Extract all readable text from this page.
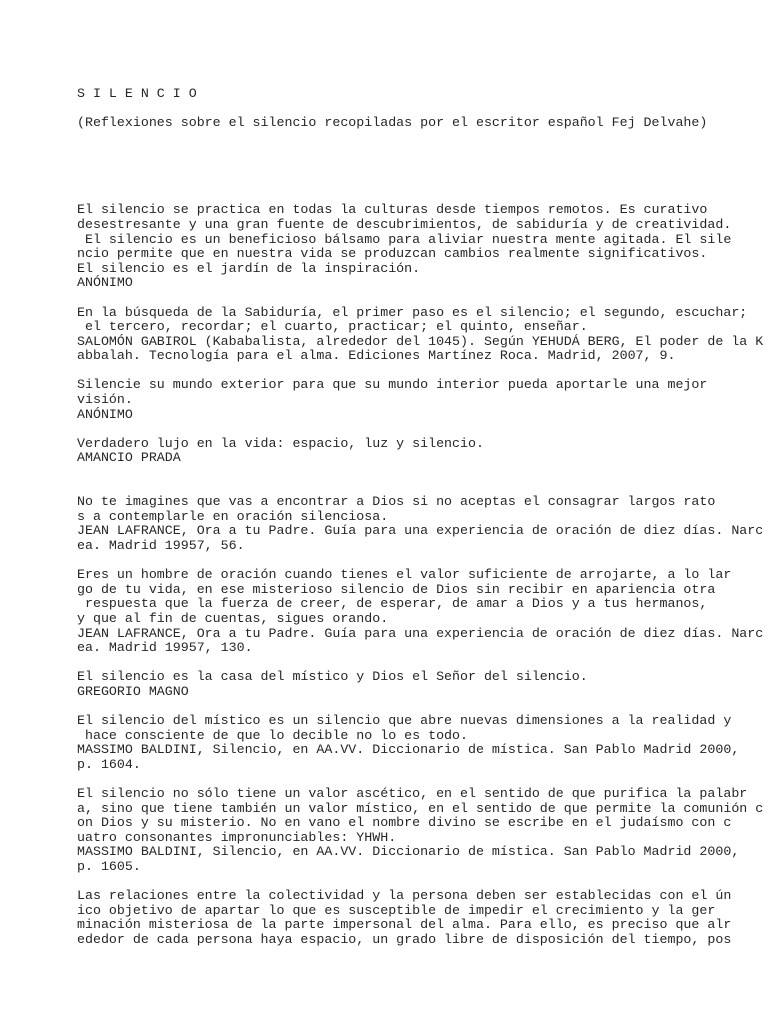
S I L E N C I O
(Reflexiones sobre el silencio recopiladas por el escritor español Fej Delvahe)
El silencio se practica en todas la culturas desde tiempos remotos. Es curativo
desestresante y una gran fuente de descubrimientos, de sabiduría y de creatividad.
El silencio es un beneficioso bálsamo para aliviar nuestra mente agitada. El sile
ncio permite que en nuestra vida se produzcan cambios realmente significativos.
El silencio es el jardín de la inspiración.
ANÓNIMO
En la búsqueda de la Sabiduría, el primer paso es el silencio; el segundo, escuchar;
el tercero, recordar; el cuarto, practicar; el quinto, enseñar.
SALOMÓN GABIROL (Kababalista, alrededor del 1045). Según YEHUDÁ BERG, El poder de la K
abbalah. Tecnología para el alma. Ediciones Martínez Roca. Madrid, 2007, 9.
Silencie su mundo exterior para que su mundo interior pueda aportarle una mejor
visión.
ANÓNIMO
Verdadero lujo en la vida: espacio, luz y silencio.
AMANCIO PRADA
No te imagines que vas a encontrar a Dios si no aceptas el consagrar largos rato
s a contemplarle en oración silenciosa.
JEAN LAFRANCE, Ora a tu Padre. Guía para una experiencia de oración de diez días. Narc
ea. Madrid 19957, 56.
Eres un hombre de oración cuando tienes el valor suficiente de arrojarte, a lo lar
go de tu vida, en ese misterioso silencio de Dios sin recibir en apariencia otra
respuesta que la fuerza de creer, de esperar, de amar a Dios y a tus hermanos,
y que al fin de cuentas, sigues orando.
JEAN LAFRANCE, Ora a tu Padre. Guía para una experiencia de oración de diez días. Narc
ea. Madrid 19957, 130.
El silencio es la casa del místico y Dios el Señor del silencio.
GREGORIO MAGNO
El silencio del místico es un silencio que abre nuevas dimensiones a la realidad y
hace consciente de que lo decible no lo es todo.
MASSIMO BALDINI, Silencio, en AA.VV. Diccionario de mística. San Pablo Madrid 2000,
p. 1604.
El silencio no sólo tiene un valor ascético, en el sentido de que purifica la palabr
a, sino que tiene también un valor místico, en el sentido de que permite la comunión c
on Dios y su misterio. No en vano el nombre divino se escribe en el judaísmo con c
uatro consonantes impronunciables: YHWH.
MASSIMO BALDINI, Silencio, en AA.VV. Diccionario de mística. San Pablo Madrid 2000,
p. 1605.
Las relaciones entre la colectividad y la persona deben ser establecidas con el ún
ico objetivo de apartar lo que es susceptible de impedir el crecimiento y la ger
minación misteriosa de la parte impersonal del alma. Para ello, es preciso que alr
ededor de cada persona haya espacio, un grado libre de disposición del tiempo, pos
